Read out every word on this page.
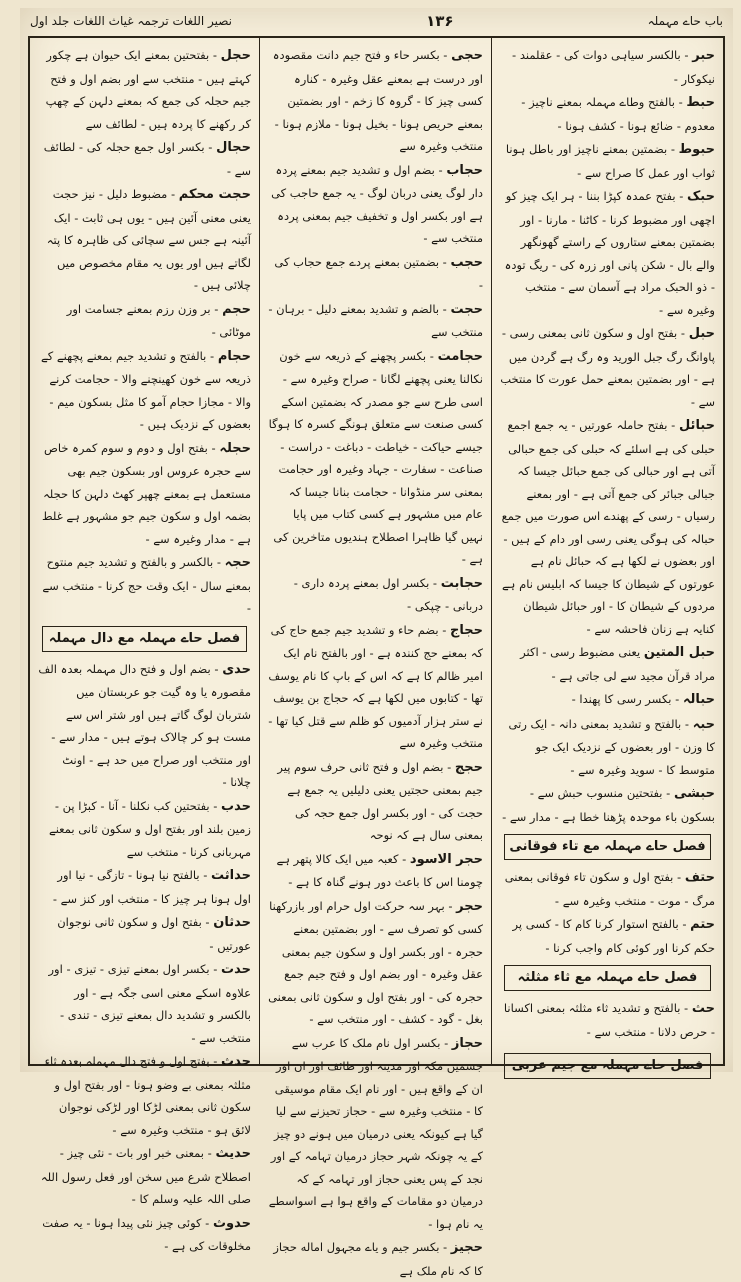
باب حاے مہملہ
۱۳۶
نصیر اللغات ترجمہ غیاث اللغات جلد اول
حبر - بالکسر سیاہی دوات کی - عقلمند - نیکوکار -
حبط - بالفتح وطاے مہملہ بمعنے ناچیز - معدوم - ضائع ہونا - کشف ہونا -
حبوط - بضمتین بمعنے ناچیز اور باطل ہونا ثواب اور عمل کا صراح سے -
حبک - بفتح عمدہ کپڑا بننا - ہر ایک چیز کو اچھی اور مضبوط کرنا - کاٹنا - مارنا - اور بضمتین بمعنے ستاروں کے راستے گھونگھر والے بال - شکن پانی اور زرہ کی - ریگ تودہ - ذو الحبک مراد ہے آسمان سے - منتخب وغیرہ سے -
حبل - بفتح اول و سکون ثانی بمعنی رسی - پاوانگ رگ جبل الورید وہ رگ ہے گردن میں ہے - اور بضمتین بمعنے حمل عورت کا منتخب سے -
حبائل - بفتح حاملہ عورتیں - یہ جمع اجمع حبلی کی ہے اسلئے کہ حبلی کی جمع حبالی آتی ہے اور حبالی کی جمع حبائل جیسا کہ جبالی جبائر کی جمع آتی ہے - اور بمعنے رسیاں - رسی کے پھندے اس صورت میں جمع حبالہ کی ہوگی یعنی رسی اور دام کے ہیں - اور بعضوں نے لکھا ہے کہ حبائل نام ہے عورتوں کے شیطان کا جیسا کہ ابلیس نام ہے مردوں کے شیطان کا - اور حبائل شیطان کنایہ ہے زنان فاحشہ سے -
حبل المتین یعنی مضبوط رسی - اکثر مراد قرآن مجید سے لی جاتی ہے -
حبالہ - بکسر رسی کا پھندا -
حبہ - بالفتح و تشدید بمعنی دانہ - ایک رتی کا وزن - اور بعضوں کے نزدیک ایک جو متوسط کا - سوید وغیرہ سے -
حبشی - بفتحتین منسوب حبش سے - بسکون باء موحدہ پڑھنا خطا ہے - مدار سے -
فصل حاے مہملہ مع تاء فوقانی
حتف - بفتح اول و سکون تاء فوقانی بمعنی مرگ - موت - منتخب وغیرہ سے -
حتم - بالفتح استوار کرنا کام کا - کسی پر حکم کرنا اور کوئی کام واجب کرنا -
فصل حاے مہملہ مع ثاء مثلثہ
حث - بالفتح و تشدید ثاء مثلثہ بمعنی اکسانا - حرص دلانا - منتخب سے -
فصل حاے مہملہ مع جیم عربی
حجی - بکسر حاء و فتح جیم دانت مقصودہ اور درست ہے بمعنے عقل وغیرہ - کنارہ کسی چیز کا - گروہ کا زخم - اور بضمتین بمعنے حریص ہونا - بخیل ہونا - ملازم ہونا - منتخب وغیرہ سے
حجاب - بضم اول و تشدید جیم بمعنے پردہ دار لوگ یعنی دربان لوگ - یہ جمع حاجب کی ہے اور بکسر اول و تخفیف جیم بمعنی پردہ منتخب سے -
حجب - بضمتین بمعنے پردے جمع حجاب کی -
حجت - بالضم و تشدید بمعنے دلیل - برہان - منتخب سے
حجامت - بکسر پچھنے کے ذریعہ سے خون نکالنا یعنی پچھنے لگانا - صراح وغیرہ سے - اسی طرح سے جو مصدر کہ بضمتین اسکے کسی صنعت سے متعلق ہونگے کسرہ کا ہوگا جیسے حیاکت - خیاطت - دباغت - دراست - صناعت - سفارت - جہاد وغیرہ اور حجامت بمعنی سر منڈوانا - حجامت بنانا جیسا کہ عام میں مشہور ہے کسی کتاب میں پایا نہیں گیا ظاہرا اصطلاح ہندیوں متاخرین کی ہے -
حجابت - بکسر اول بمعنے پردہ داری - دربانی - چپکی -
حجاج - بضم حاء و تشدید جیم جمع حاج کی کہ بمعنے حج کنندہ ہے - اور بالفتح نام ایک امیر ظالم کا ہے کہ اس کے باپ کا نام یوسف تھا - کتابوں میں لکھا ہے کہ حجاج بن یوسف نے ستر ہزار آدمیوں کو ظلم سے قتل کیا تھا - منتخب وغیرہ سے
حجج - بضم اول و فتح ثانی حرف سوم پیر جیم بمعنی حجتیں یعنی دلیلیں یہ جمع ہے حجت کی - اور بکسر اول جمع حجہ کی بمعنی سال ہے کہ نوحہ
حجر الاسود - کعبہ میں ایک کالا پتھر ہے چومنا اس کا باعث دور ہونے گناہ کا ہے -
حجر - بہر سہ حرکت اول حرام اور بازرکھنا کسی کو تصرف سے - اور بضمتین بمعنے حجرہ - اور بکسر اول و سکون جیم بمعنی عقل وغیرہ - اور بضم اول و فتح جیم جمع حجرہ کی - اور بفتح اول و سکون ثانی بمعنی بغل - گود - کشف - اور منتخب سے -
حجاز - بکسر اول نام ملک کا عرب سے جسمیں مکہ اور مدینہ اور طائف اور ان اور ان کے واقع ہیں - اور نام ایک مقام موسیقی کا - منتخب وغیرہ سے - حجاز تحیزنے سے لیا گیا ہے کیونکہ یعنی درمیان میں ہونے دو چیز کے یہ چونکہ شہر حجاز درمیان تہامہ کے اور نجد کے پس یعنی حجاز اور تہامہ کے کہ درمیان دو مقامات کے واقع ہوا ہے اسواسطے یہ نام ہوا -
حجیز - بکسر جیم و یاے مجہول اماله حجاز کا کہ نام ملک ہے
حجل - بفتحتین بمعنے ایک حیوان ہے چکور کہتے ہیں - منتخب سے اور بضم اول و فتح جیم حجلہ کی جمع کہ بمعنے دلہن کے چھپ کر رکھنے کا پردہ ہیں - لطائف سے
حجال - بکسر اول جمع حجلہ کی - لطائف سے -
حجت محکم - مضبوط دلیل - نیز حجت یعنی معنی آئین ہیں - یوں ہی ثابت - ایک آئینہ ہے جس سے سچائی کی ظاہرہ کا پتہ لگاتے ہیں اور یوں یہ مقام مخصوص میں چلائی ہیں -
حجم - بر وزن رزم بمعنے جسامت اور موٹائی -
حجام - بالفتح و تشدید جیم بمعنے پچھنے کے ذریعہ سے خون کھینچنے والا - حجامت کرنے والا - مجازا حجام آمو کا مثل بسکون میم - بعضوں کے نزدیک ہیں -
حجلہ - بفتح اول و دوم و سوم کمرہ خاص سے حجرہ عروس اور بسکون جیم بھی مستعمل ہے بمعنے چھپر کھٹ دلہن کا حجلہ بضمہ اول و سکون جیم جو مشہور ہے غلط ہے - مدار وغیرہ سے -
حجہ - بالکسر و بالفتح و تشدید جیم منتوح بمعنے سال - ایک وقت حج کرنا - منتخب سے -
فصل حاے مہملہ مع دال مہملہ
حدی - بضم اول و فتح دال مہملہ بعدہ الف مقصورہ یا وہ گیت جو عربستان میں شتربان لوگ گاتے ہیں اور شتر اس سے مست ہو کر چالاک ہوتے ہیں - مدار سے - اور منتخب اور صراح میں حد ہے - اونٹ چلانا -
حدب - بفتحتین کب نکلنا - آنا - کبڑا پن - زمین بلند اور بفتح اول و سکون ثانی بمعنے مہربانی کرنا - منتخب سے
حداثت - بالفتح نیا ہونا - تازگی - نیا اور اول ہونا ہر چیز کا - منتخب اور کنز سے -
حدثان - بفتح اول و سکون ثانی نوجوان عورتیں -
حدت - بکسر اول بمعنے تیزی - تیزی - اور علاوہ اسکے معنی اسی جگہ ہے - اور بالکسر و تشدید دال بمعنے تیزی - تندی - منتخب سے -
حدث - بفتح اول و فتح دال مہملہ بعدہ ثاء مثلثہ بمعنی بے وضو ہونا - اور بفتح اول و سکون ثانی بمعنی لڑکا اور لڑکی نوجوان لائق ہو - منتخب وغیرہ سے -
حدیث - بمعنی خبر اور بات - نئی چیز - اصطلاح شرع میں سخن اور فعل رسول اللہ صلی اللہ علیہ وسلم کا -
حدوث - کوئی چیز نئی پیدا ہونا - یہ صفت مخلوقات کی ہے -
